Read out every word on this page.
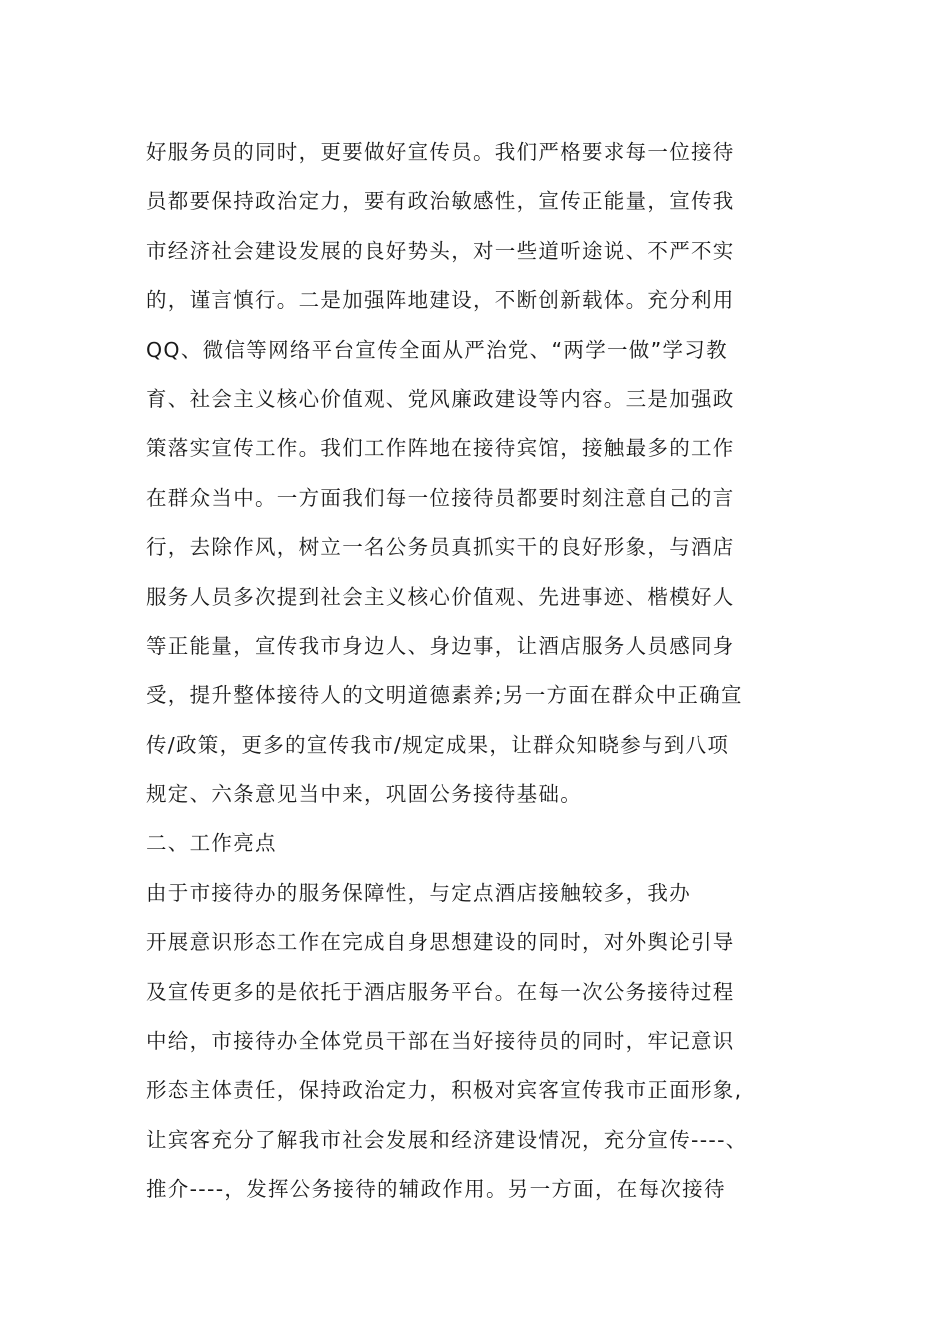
好服务员的同时，更要做好宣传员。我们严格要求每一位接待
员都要保持政治定力，要有政治敏感性，宣传正能量，宣传我
市经济社会建设发展的良好势头，对一些道听途说、不严不实
的，谨言慎行。二是加强阵地建设，不断创新载体。充分利用
QQ、微信等网络平台宣传全面从严治党、“两学一做”学习教
育、社会主义核心价值观、党风廉政建设等内容。三是加强政
策落实宣传工作。我们工作阵地在接待宾馆，接触最多的工作
在群众当中。一方面我们每一位接待员都要时刻注意自己的言
行，去除作风，树立一名公务员真抓实干的良好形象，与酒店
服务人员多次提到社会主义核心价值观、先进事迹、楷模好人
等正能量，宣传我市身边人、身边事，让酒店服务人员感同身
受，提升整体接待人的文明道德素养;另一方面在群众中正确宣
传/政策，更多的宣传我市/规定成果，让群众知晓参与到八项
规定、六条意见当中来，巩固公务接待基础。
二、工作亮点
由于市接待办的服务保障性，与定点酒店接触较多，我办
开展意识形态工作在完成自身思想建设的同时，对外舆论引导
及宣传更多的是依托于酒店服务平台。在每一次公务接待过程
中给，市接待办全体党员干部在当好接待员的同时，牢记意识
形态主体责任，保持政治定力，积极对宾客宣传我市正面形象,
让宾客充分了解我市社会发展和经济建设情况，充分宣传----、
推介----，发挥公务接待的辅政作用。另一方面，在每次接待
